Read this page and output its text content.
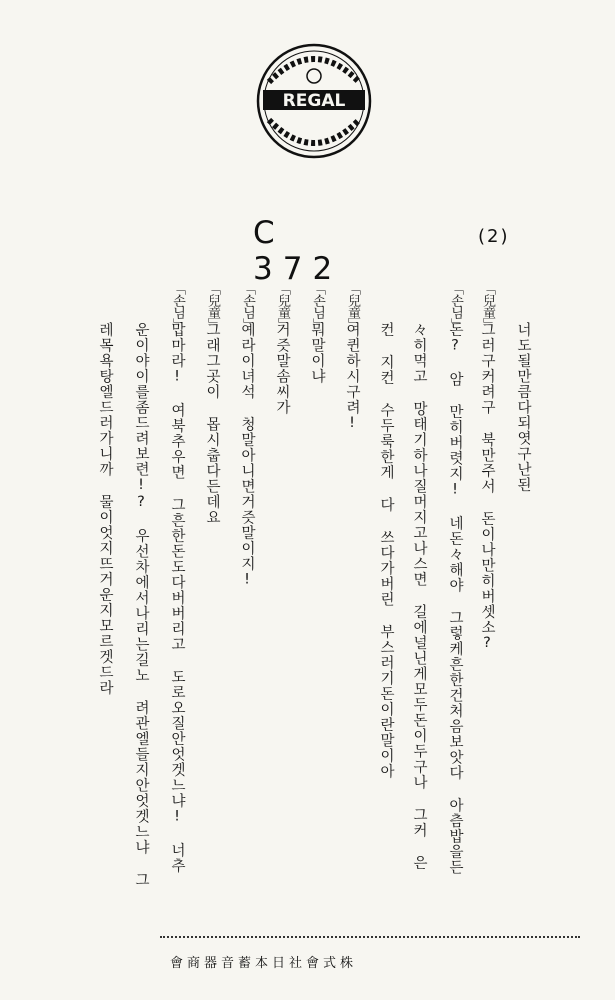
REGAL
C 372
(2)
너도될만큼다되엿구난된
「兒童」
그러구커려구 북만주서 돈이나만히버셋소?
「손님」
돈? 암 만히버렷지! 네돈々해야 그렇케흔한건처음보앗다 아츰밥을든
々히먹고 망태기하나질머지고나스면 길에널닌게모두돈이두구나 그커 은
컨 지컨 수두룩한게 다 쓰다가버린 부스러기돈이란말이아
「兒童」
여퀸하시구려!
「손님」
뭐말이냐
「兒童」
거즛말솜씨가
「손님」
예라이녀석 청말아니면거즛말이지!
「兒童」
그래그곳이 몹시춥다든데요
「손님」
맙마라! 여북추우면 그흔한돈도다버버리고 도로오질안엇겟느냐! 너추
운이야이를좀드려보련!? 우선차에서나리는길노 려관엘들지안엇겟느냐 그
레목욕탕엘드러가니까 물이엇지뜨거운지모르겟드라
會商器音蓄本日社會式株
